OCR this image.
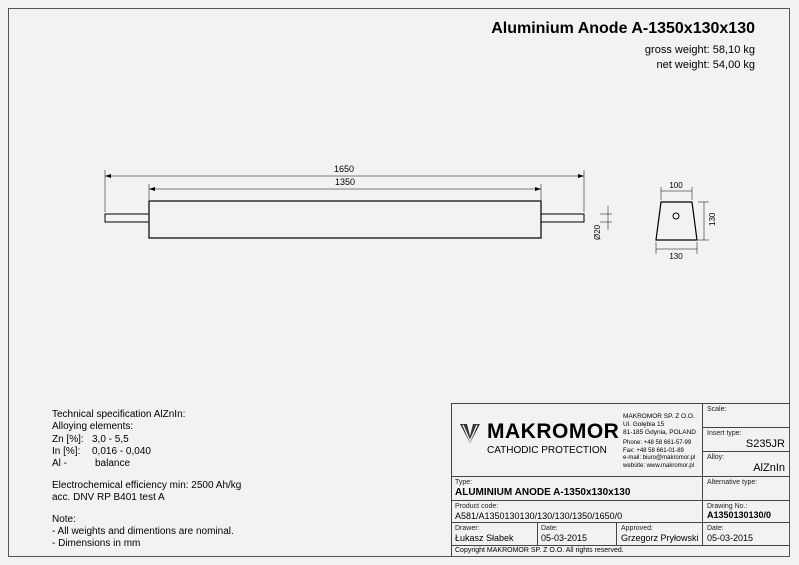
Aluminium Anode A-1350x130x130
gross weight: 58,10 kg
net weight: 54,00 kg
1650
1350
Ø20
100
130
130
Technical specification AlZnIn:
Alloying elements:
Zn [%]: 3,0 - 5,5
In [%]: 0,016 - 0,040
Al -	balance
Electrochemical efficiency min: 2500 Ah/kg
acc. DNV RP B401 test A
Note:
- All weights and dimentions are nominal.
- Dimensions in mm
MAKROMOR
CATHODIC PROTECTION
MAKROMOR SP. Z O.O.
Ul. Gołębia 15
81-185 Gdynia, POLAND
Phone: +48 58 661-57-99
Fax: +48 58 661-01-89
e-mail: biuro@makromor.pl
website: www.makromor.pl
Scale:
Insert type:
S235JR
Alloy:
AlZnIn
Type:
ALUMINIUM ANODE A-1350x130x130
Alternative type:
Product code:
A581/A1350130130/130/130/1350/1650/0
Drawing No.:
A1350130130/0
Drawer:
Łukasz Słabek
Date:
05-03-2015
Approved:
Grzegorz Pryłowski
Date:
05-03-2015
Copyright MAKROMOR SP. Z O.O. All rights reserved.
